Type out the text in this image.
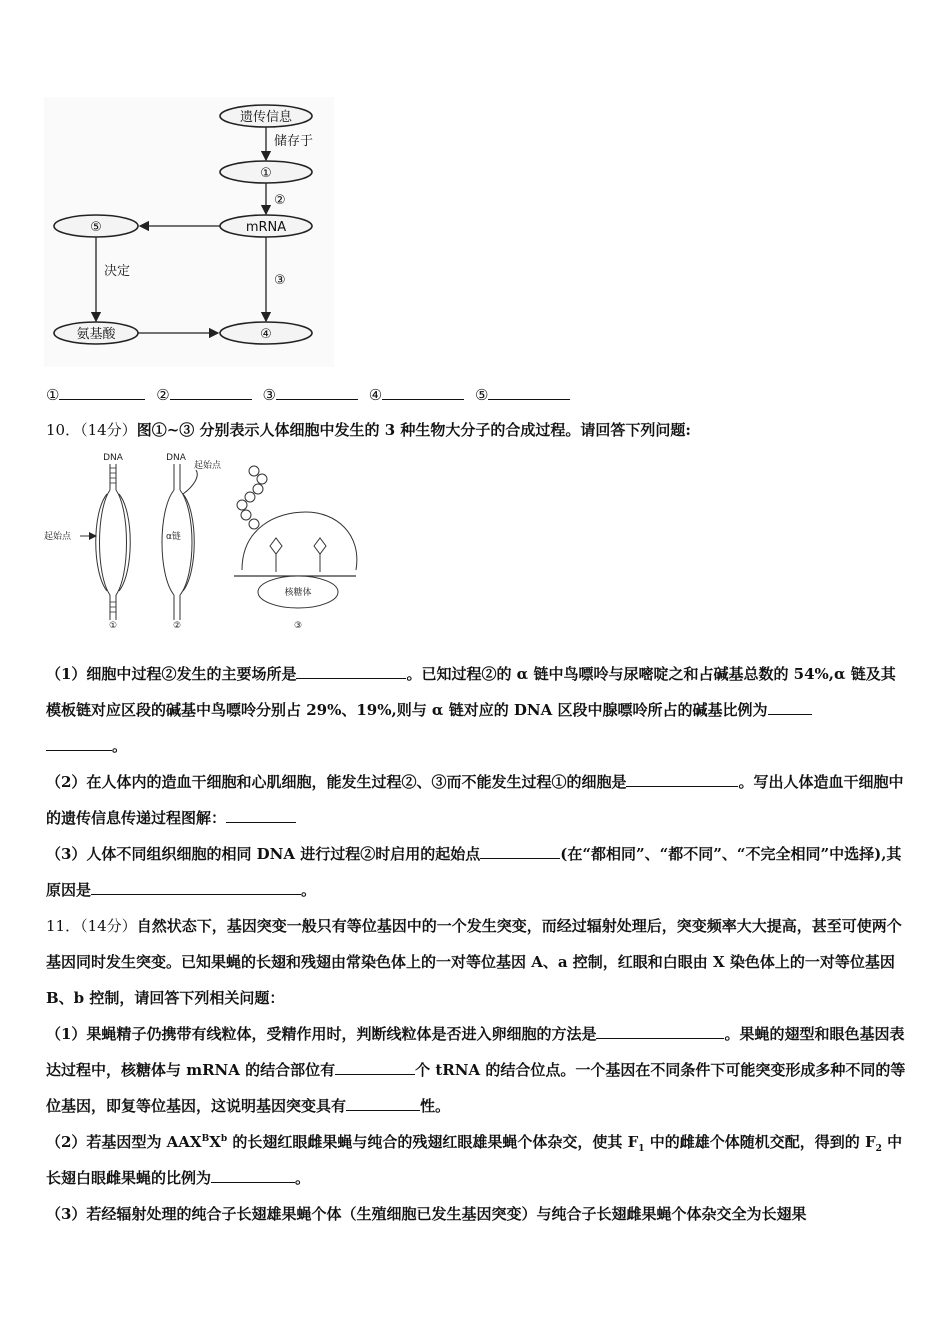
遗传信息
①
mRNA
⑤
氨基酸	④
储存于
②
③
决定
①	②	③	④	⑤
10．（14分）图①~③ 分别表示人体细胞中发生的 3 种生物大分子的合成过程。请回答下列问题:
DNA
起始点
①
DNA
起始点
α链
②
核糖体
③
（1）细胞中过程②发生的主要场所是	。已知过程②的 α 链中鸟嘌呤与尿嘧啶之和占碱基总数的 54%,α 链及其模板链对应区段的碱基中鸟嘌呤分别占 29%、19%,则与 α 链对应的 DNA 区段中腺嘌呤所占的碱基比例为
。
（2）在人体内的造血干细胞和心肌细胞，能发生过程②、③而不能发生过程①的细胞是	。写出人体造血干细胞中的遗传信息传递过程图解：
（3）人体不同组织细胞的相同 DNA 进行过程②时启用的起始点	(在“都相同”、“都不同”、“不完全相同”中选择),其原因是	。
11．（14分）自然状态下，基因突变一般只有等位基因中的一个发生突变，而经过辐射处理后，突变频率大大提高，甚至可使两个基因同时发生突变。已知果蝇的长翅和残翅由常染色体上的一对等位基因 A、a 控制，红眼和白眼由 X 染色体上的一对等位基因 B、b 控制，请回答下列相关问题：
（1）果蝇精子仍携带有线粒体，受精作用时，判断线粒体是否进入卵细胞的方法是	。果蝇的翅型和眼色基因表达过程中，核糖体与 mRNA 的结合部位有	个 tRNA 的结合位点。一个基因在不同条件下可能突变形成多种不同的等位基因，即复等位基因，这说明基因突变具有	性。
（2）若基因型为 $AAX^BX^b$ 的长翅红眼雌果蝇与纯合的残翅红眼雄果蝇个体杂交，使其 $F_1$ 中的雌雄个体随机交配，得到的 $F_2$ 中长翅白眼雌果蝇的比例为	。
（3）若经辐射处理的纯合子长翅雄果蝇个体（生殖细胞已发生基因突变）与纯合子长翅雌果蝇个体杂交全为长翅果
